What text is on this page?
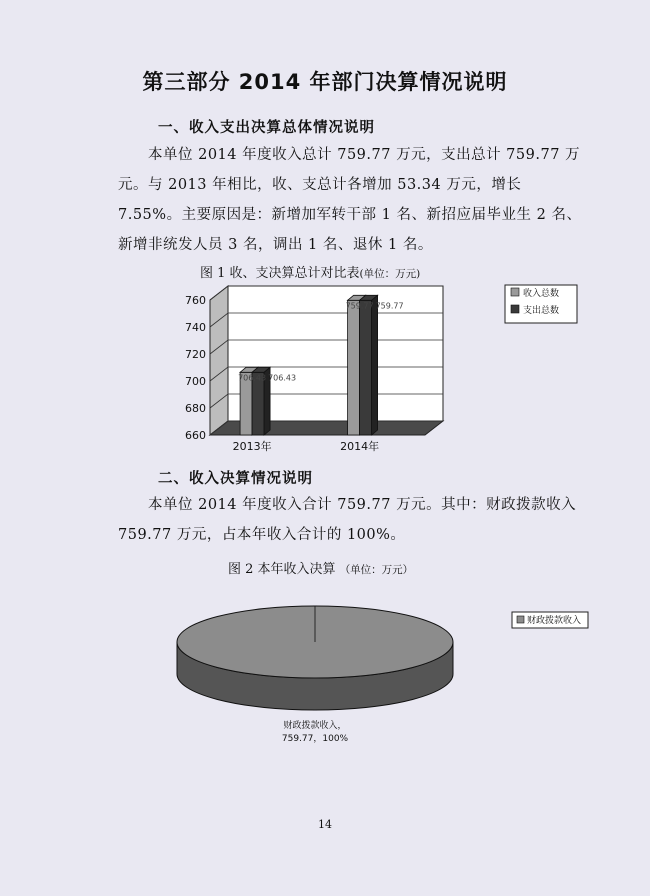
第三部分 2014 年部门决算情况说明
一、收入支出决算总体情况说明
本单位 2014 年度收入总计 759.77 万元，支出总计 759.77 万元。与 2013 年相比，收、支总计各增加 53.34 万元，增长 7.55%。主要原因是：新增加军转干部 1 名、新招应届毕业生 2 名、新增非统发人员 3 名，调出 1 名、退休 1 名。
图 1 收、支决算总计对比表(单位：万元)
660
680
700
720
740
760
706.43 706.43
759.77 759.77
2013年	2014年
收入总数
支出总数
二、收入决算情况说明
本单位 2014 年度收入合计 759.77 万元。其中：财政拨款收入 759.77 万元，占本年收入合计的 100%。
图 2 本年收入决算 （单位：万元）
财政拨款收入，
759.77，100%
财政拨款收入
14
